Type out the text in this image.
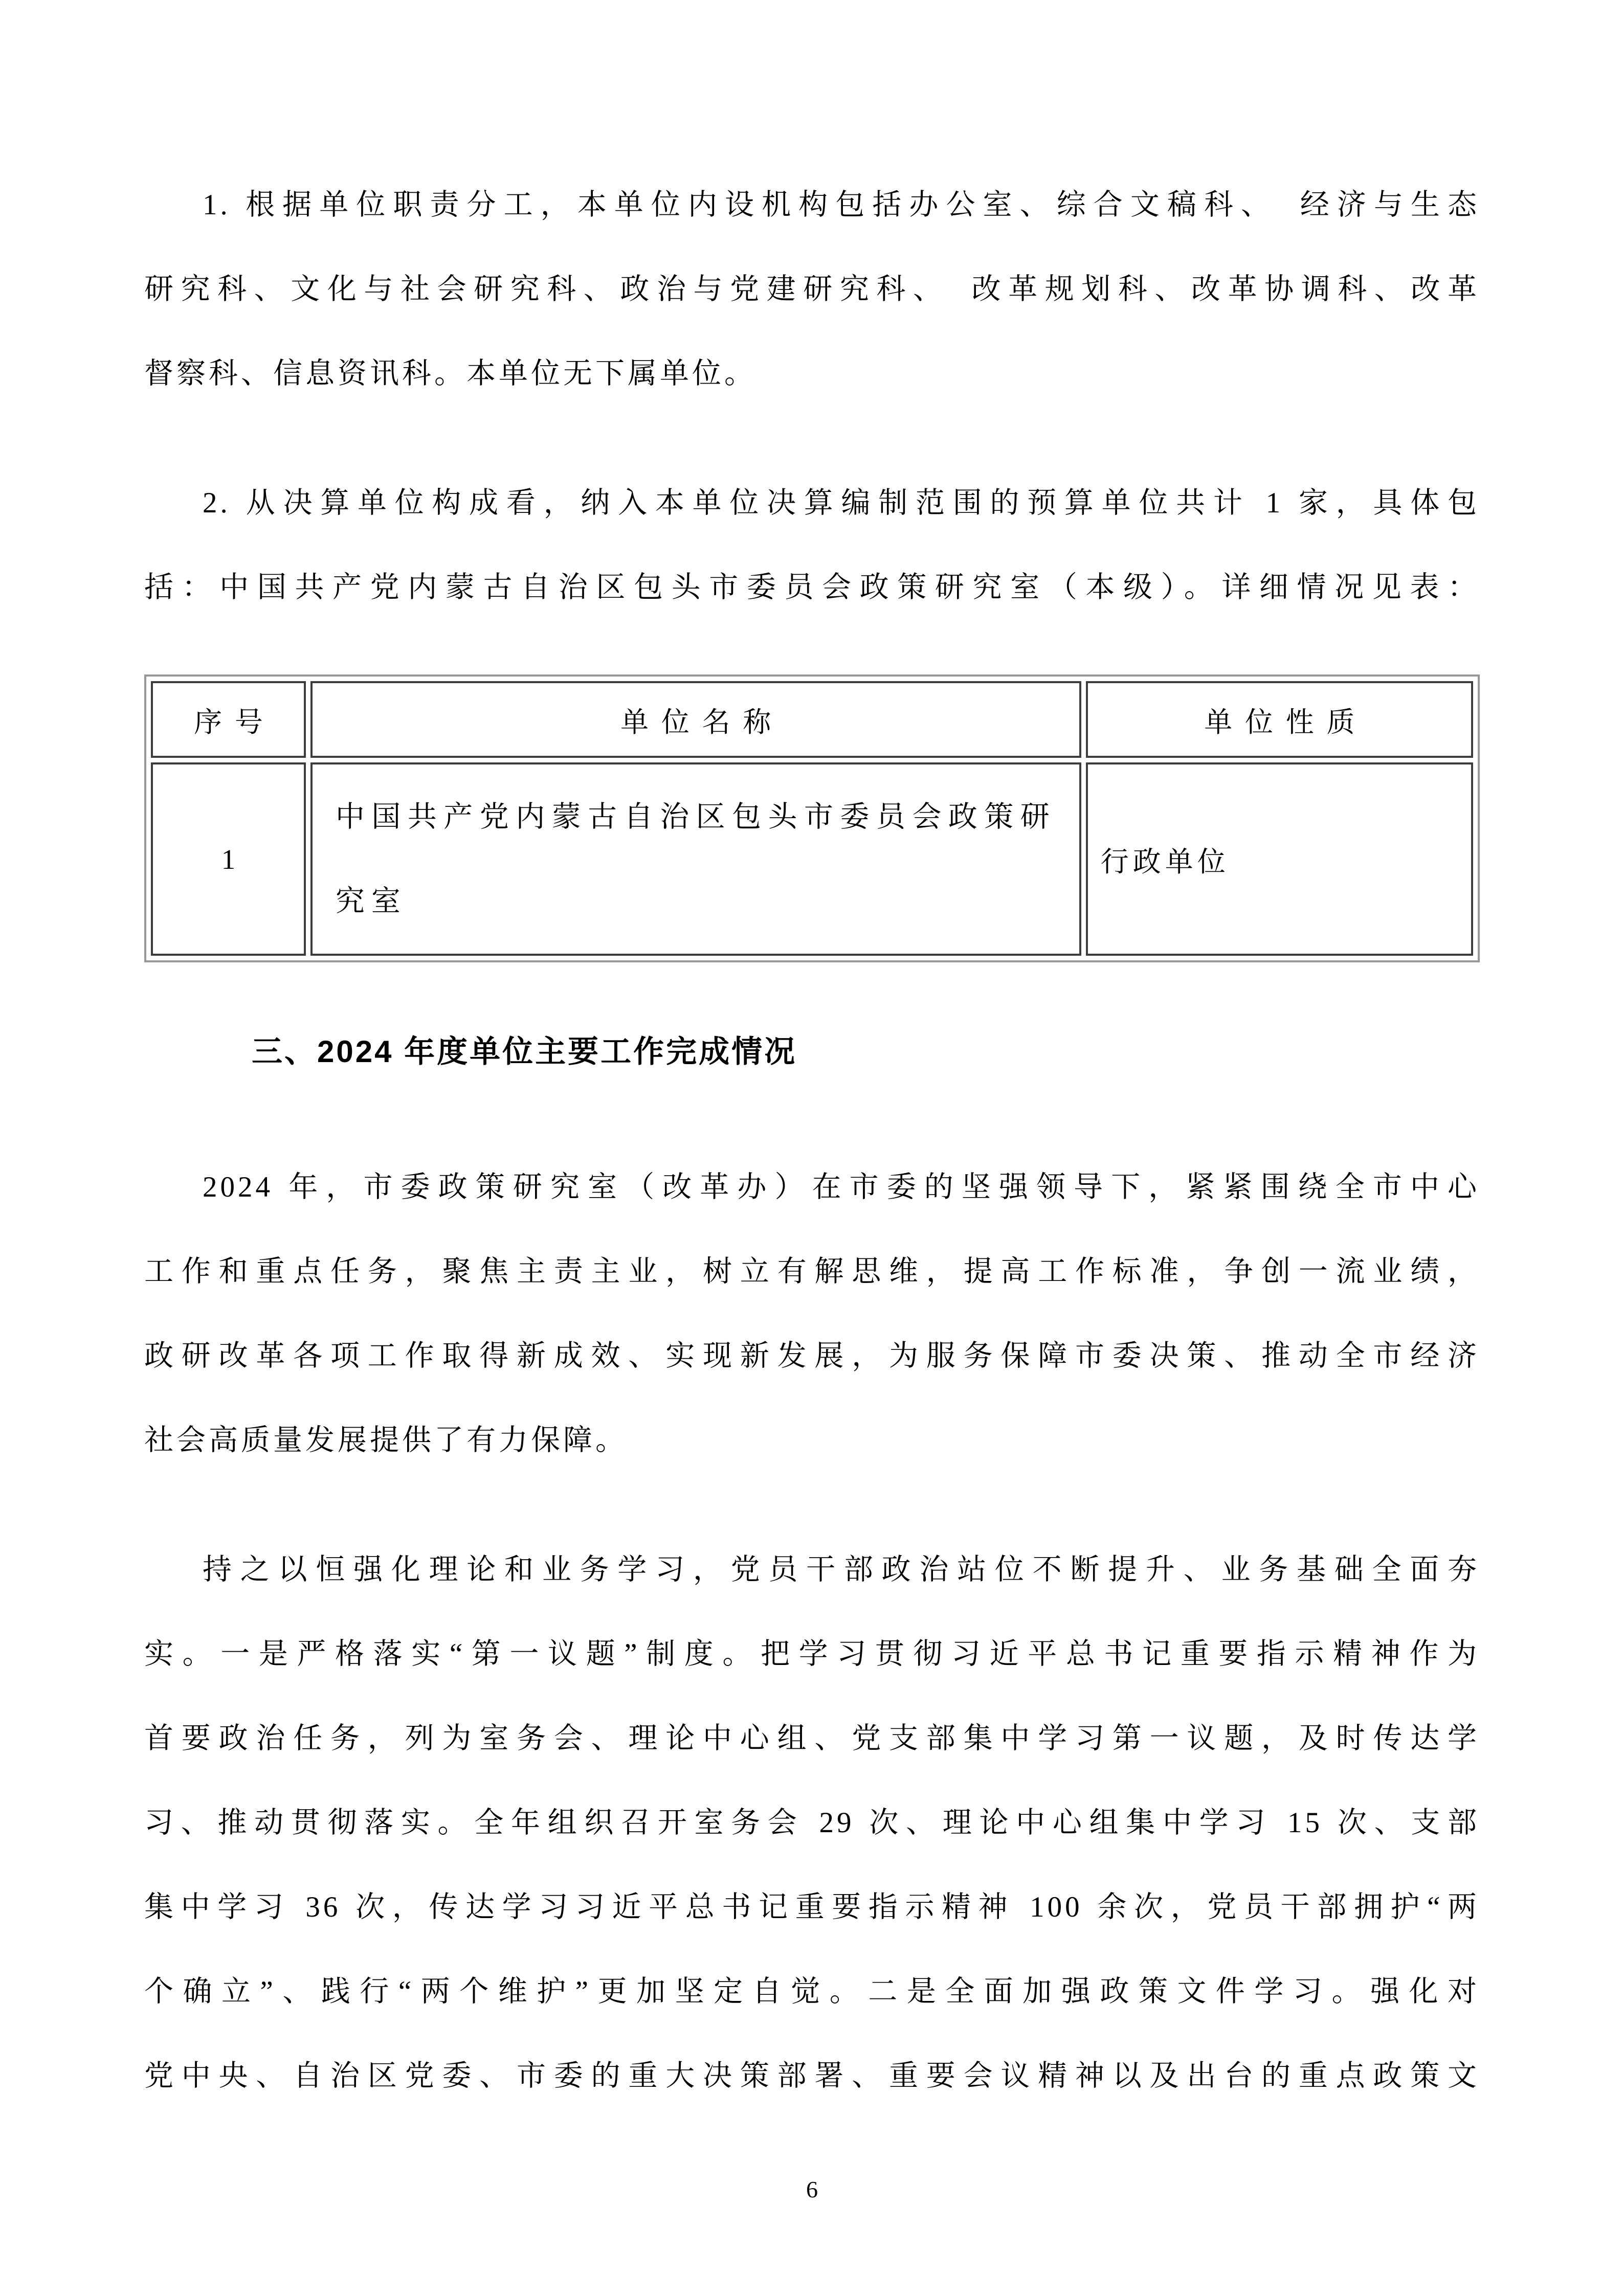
1. 根据单位职责分工，本单位内设机构包括办公室、综合文稿科、　经济与生态
研究科、文化与社会研究科、政治与党建研究科、　改革规划科、改革协调科、改革
督察科、信息资讯科。本单位无下属单位。
2. 从决算单位构成看，纳入本单位决算编制范围的预算单位共计 1 家，具体包
括：中国共产党内蒙古自治区包头市委员会政策研究室（本级）。详细情况见表：
序号	单位名称	单位性质
1	中国共产党内蒙古自治区包头市委员会政策研究室	行政单位
三、2024 年度单位主要工作完成情况
2024 年，市委政策研究室（改革办）在市委的坚强领导下，紧紧围绕全市中心
工作和重点任务，聚焦主责主业，树立有解思维，提高工作标准，争创一流业绩，
政研改革各项工作取得新成效、实现新发展，为服务保障市委决策、推动全市经济
社会高质量发展提供了有力保障。
持之以恒强化理论和业务学习，党员干部政治站位不断提升、业务基础全面夯
实。一是严格落实“第一议题”制度。把学习贯彻习近平总书记重要指示精神作为
首要政治任务，列为室务会、理论中心组、党支部集中学习第一议题，及时传达学
习、推动贯彻落实。全年组织召开室务会 29 次、理论中心组集中学习 15 次、支部
集中学习 36 次，传达学习习近平总书记重要指示精神 100 余次，党员干部拥护“两
个确立”、践行“两个维护”更加坚定自觉。二是全面加强政策文件学习。强化对
党中央、自治区党委、市委的重大决策部署、重要会议精神以及出台的重点政策文
6
